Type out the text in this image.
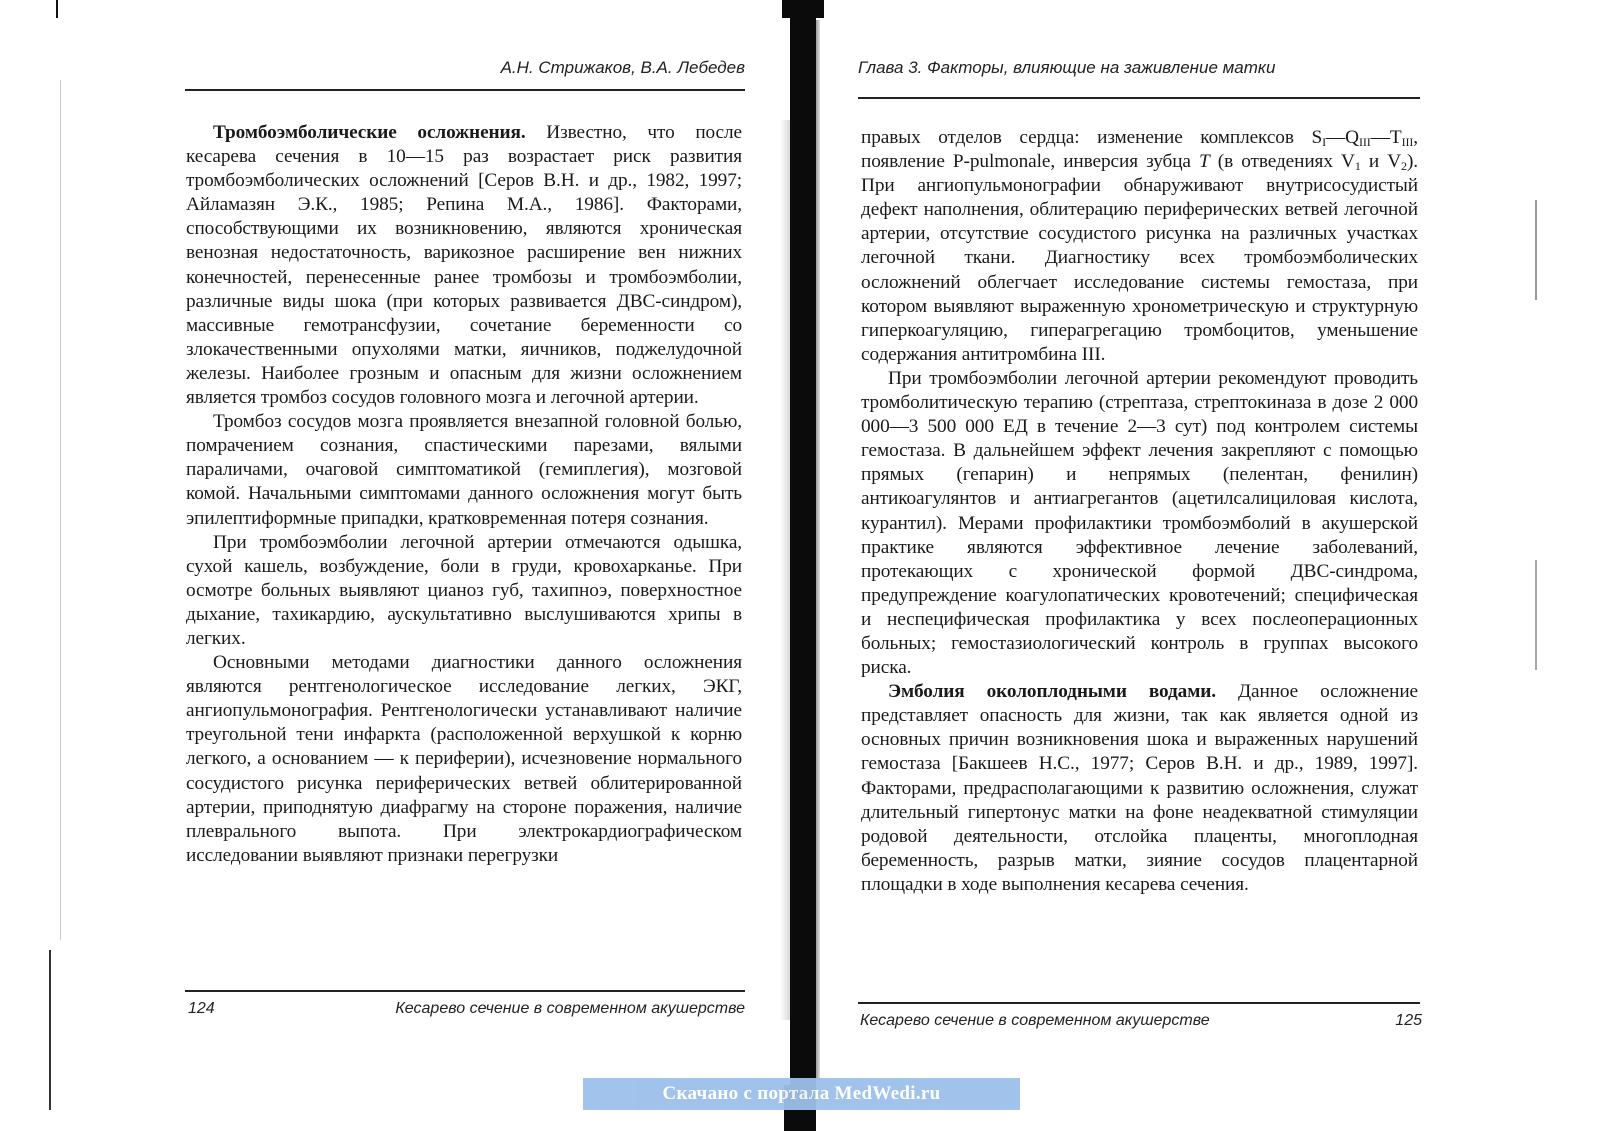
А.Н. Стрижаков, В.А. Лебедев

Тромбоэмболические осложнения. Известно, что после кесарева сечения в 10—15 раз возрастает риск развития тромбоэмболических осложнений [Серов В.Н. и др., 1982, 1997; Айламазян Э.К., 1985; Репина М.А., 1986]. Факторами, способствующими их возникновению, являются хроническая венозная недостаточность, варикозное расширение вен нижних конечностей, перенесенные ранее тромбозы и тромбоэмболии, различные виды шока (при которых развивается ДВС-синдром), массивные гемотрансфузии, сочетание беременности со злокачественными опухолями матки, яичников, поджелудочной железы. Наиболее грозным и опасным для жизни осложнением является тромбоз сосудов головного мозга и легочной артерии.

Тромбоз сосудов мозга проявляется внезапной головной болью, помрачением сознания, спастическими парезами, вялыми параличами, очаговой симптоматикой (гемиплегия), мозговой комой. Начальными симптомами данного осложнения могут быть эпилептиформные припадки, кратковременная потеря сознания.

При тромбоэмболии легочной артерии отмечаются одышка, сухой кашель, возбуждение, боли в груди, кровохарканье. При осмотре больных выявляют цианоз губ, тахипноэ, поверхностное дыхание, тахикардию, аускультативно выслушиваются хрипы в легких.

Основными методами диагностики данного осложнения являются рентгенологическое исследование легких, ЭКГ, ангиопульмонография. Рентгенологически устанавливают наличие треугольной тени инфаркта (расположенной верхушкой к корню легкого, а основанием — к периферии), исчезновение нормального сосудистого рисунка периферических ветвей облитерированной артерии, приподнятую диафрагму на стороне поражения, наличие плеврального выпота. При электрокардиографическом исследовании выявляют признаки перегрузки

124	Кесарево сечение в современном акушерстве
Глава 3. Факторы, влияющие на заживление матки

правых отделов сердца: изменение комплексов $S_I—Q_{III}—T_{III}$, появление P-pulmonale, инверсия зубца T (в отведениях $V_1$ и $V_2$). При ангиопульмонографии обнаруживают внутрисосудистый дефект наполнения, облитерацию периферических ветвей легочной артерии, отсутствие сосудистого рисунка на различных участках легочной ткани. Диагностику всех тромбоэмболических осложнений облегчает исследование системы гемостаза, при котором выявляют выраженную хронометрическую и структурную гиперкоагуляцию, гиперагрегацию тромбоцитов, уменьшение содержания антитромбина III.

При тромбоэмболии легочной артерии рекомендуют проводить тромболитическую терапию (стрептаза, стрептокиназа в дозе 2 000 000—3 500 000 ЕД в течение 2—3 сут) под контролем системы гемостаза. В дальнейшем эффект лечения закрепляют с помощью прямых (гепарин) и непрямых (пелентан, фенилин) антикоагулянтов и антиагрегантов (ацетилсалициловая кислота, курантил). Мерами профилактики тромбоэмболий в акушерской практике являются эффективное лечение заболеваний, протекающих с хронической формой ДВС-синдрома, предупреждение коагулопатических кровотечений; специфическая и неспецифическая профилактика у всех послеоперационных больных; гемостазиологический контроль в группах высокого риска.

Эмболия околоплодными водами. Данное осложнение представляет опасность для жизни, так как является одной из основных причин возникновения шока и выраженных нарушений гемостаза [Бакшеев Н.С., 1977; Серов В.Н. и др., 1989, 1997]. Факторами, предрасполагающими к развитию осложнения, служат длительный гипертонус матки на фоне неадекватной стимуляции родовой деятельности, отслойка плаценты, многоплодная беременность, разрыв матки, зияние сосудов плацентарной площадки в ходе выполнения кесарева сечения.

Кесарево сечение в современном акушерстве	125
Скачано с портала MedWedi.ru
